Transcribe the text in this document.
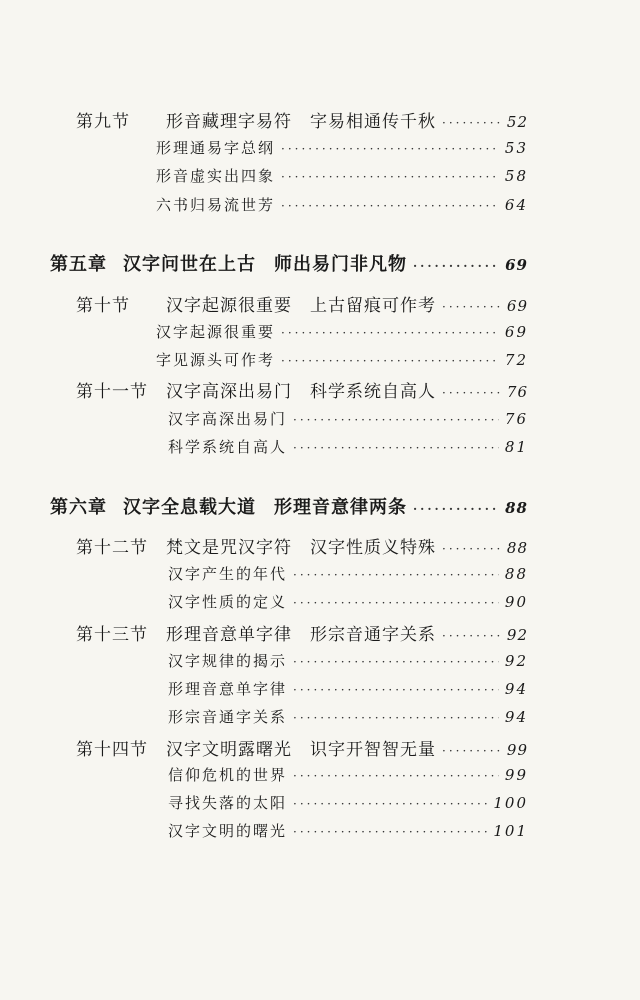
第九节 形音藏理字易符 字易相通传千秋 ·····	52
形理通易字总纲 ·····	53
形音虚实出四象 ·····	58
六书归易流世芳 ·····	64
第五章 汉字问世在上古 师出易门非凡物 ·····	69
第十节 汉字起源很重要 上古留痕可作考 ·····	69
汉字起源很重要 ·····	69
字见源头可作考 ·····	72
第十一节 汉字高深出易门 科学系统自高人 ·····	76
汉字高深出易门 ·····	76
科学系统自高人 ·····	81
第六章 汉字全息载大道 形理音意律两条 ·····	88
第十二节 梵文是咒汉字符 汉字性质义特殊 ·····	88
汉字产生的年代 ·····	88
汉字性质的定义 ·····	90
第十三节 形理音意单字律 形宗音通字关系 ·····	92
汉字规律的揭示 ·····	92
形理音意单字律 ·····	94
形宗音通字关系 ·····	94
第十四节 汉字文明露曙光 识字开智智无量 ·····	99
信仰危机的世界 ·····	99
寻找失落的太阳 ·····	100
汉字文明的曙光 ·····	101
